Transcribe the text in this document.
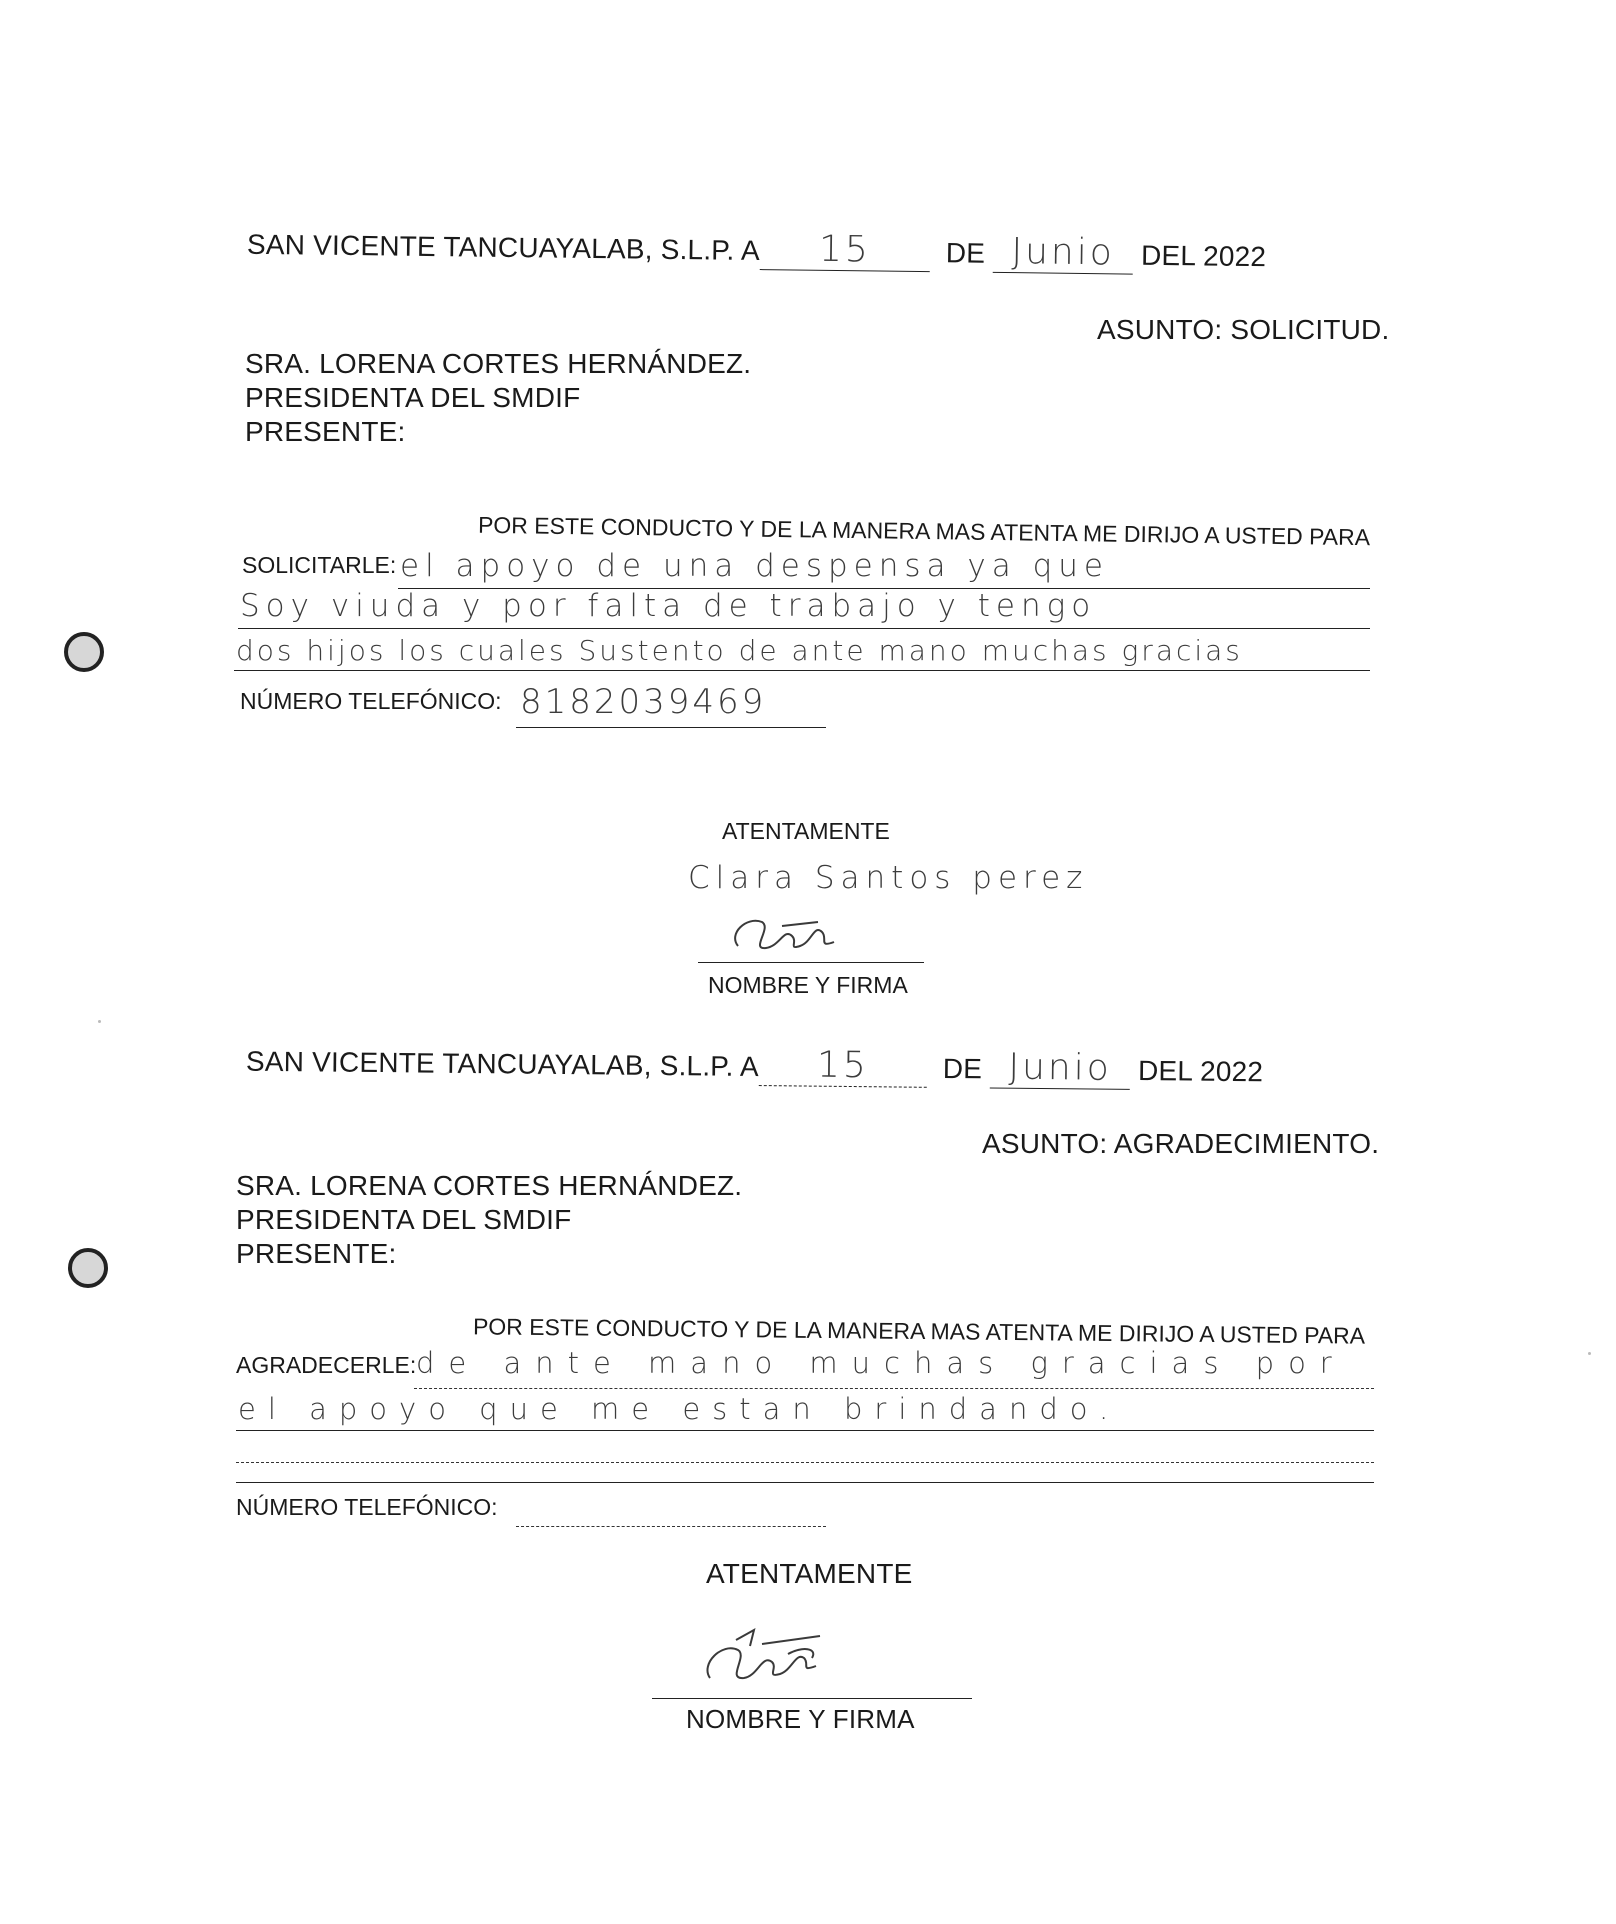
SAN VICENTE TANCUAYALAB, S.L.P. A 15	DE Junio DEL 2022
ASUNTO: SOLICITUD.
SRA. LORENA CORTES HERNÁNDEZ.
PRESIDENTA DEL SMDIF
PRESENTE:
POR ESTE CONDUCTO Y DE LA MANERA MAS ATENTA ME DIRIJO A USTED PARA
SOLICITARLE: el apoyo de una despensa ya que
Soy viuda y por falta de trabajo y tengo
dos hijos los cuales Sustento de ante mano muchas gracias
NÚMERO TELEFÓNICO: 8182039469
ATENTAMENTE
Clara Santos perez
NOMBRE Y FIRMA
SAN VICENTE TANCUAYALAB, S.L.P. A 15	DE Junio DEL 2022
ASUNTO: AGRADECIMIENTO.
SRA. LORENA CORTES HERNÁNDEZ.
PRESIDENTA DEL SMDIF
PRESENTE:
POR ESTE CONDUCTO Y DE LA MANERA MAS ATENTA ME DIRIJO A USTED PARA
AGRADECERLE: de ante mano muchas gracias por
el apoyo que me estan brindando.
NÚMERO TELEFÓNICO:
ATENTAMENTE
NOMBRE Y FIRMA
